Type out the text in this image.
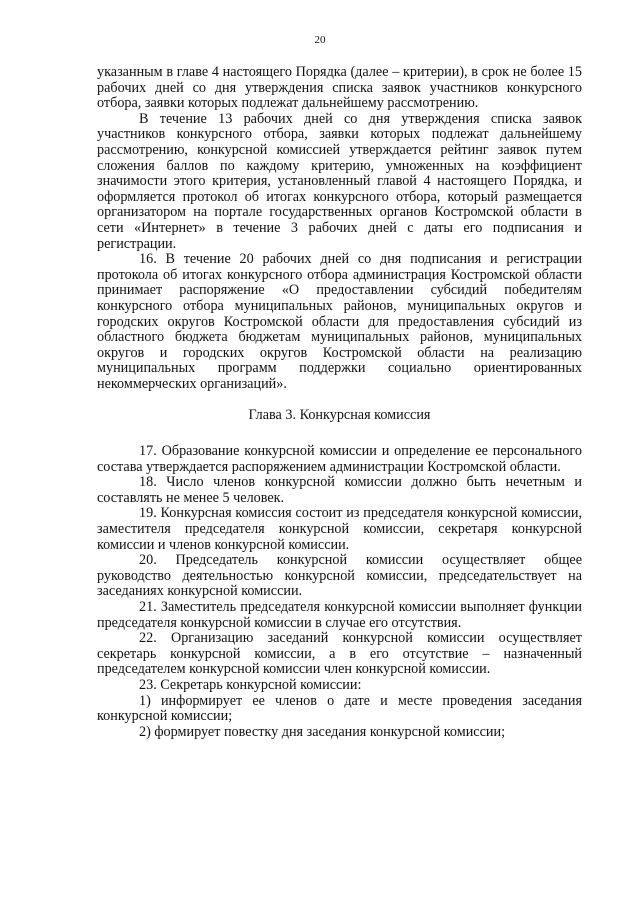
20

указанным в главе 4 настоящего Порядка (далее – критерии), в срок не более 15 рабочих дней со дня утверждения списка заявок участников конкурсного отбора, заявки которых подлежат дальнейшему рассмотрению.

В течение 13 рабочих дней со дня утверждения списка заявок участников конкурсного отбора, заявки которых подлежат дальнейшему рассмотрению, конкурсной комиссией утверждается рейтинг заявок путем сложения баллов по каждому критерию, умноженных на коэффициент значимости этого критерия, установленный главой 4 настоящего Порядка, и оформляется протокол об итогах конкурсного отбора, который размещается организатором на портале государственных органов Костромской области в сети «Интернет» в течение 3 рабочих дней с даты его подписания и регистрации.

16. В течение 20 рабочих дней со дня подписания и регистрации протокола об итогах конкурсного отбора администрация Костромской области принимает распоряжение «О предоставлении субсидий победителям конкурсного отбора муниципальных районов, муниципальных округов и городских округов Костромской области для предоставления субсидий из областного бюджета бюджетам муниципальных районов, муниципальных округов и городских округов Костромской области на реализацию муниципальных программ поддержки социально ориентированных некоммерческих организаций».

Глава 3. Конкурсная комиссия

17. Образование конкурсной комиссии и определение ее персонального состава утверждается распоряжением администрации Костромской области.

18. Число членов конкурсной комиссии должно быть нечетным и составлять не менее 5 человек.

19. Конкурсная комиссия состоит из председателя конкурсной комиссии, заместителя председателя конкурсной комиссии, секретаря конкурсной комиссии и членов конкурсной комиссии.

20. Председатель конкурсной комиссии осуществляет общее руководство деятельностью конкурсной комиссии, председательствует на заседаниях конкурсной комиссии.

21. Заместитель председателя конкурсной комиссии выполняет функции председателя конкурсной комиссии в случае его отсутствия.

22. Организацию заседаний конкурсной комиссии осуществляет секретарь конкурсной комиссии, а в его отсутствие – назначенный председателем конкурсной комиссии член конкурсной комиссии.

23. Секретарь конкурсной комиссии:

1) информирует ее членов о дате и месте проведения заседания конкурсной комиссии;

2) формирует повестку дня заседания конкурсной комиссии;
